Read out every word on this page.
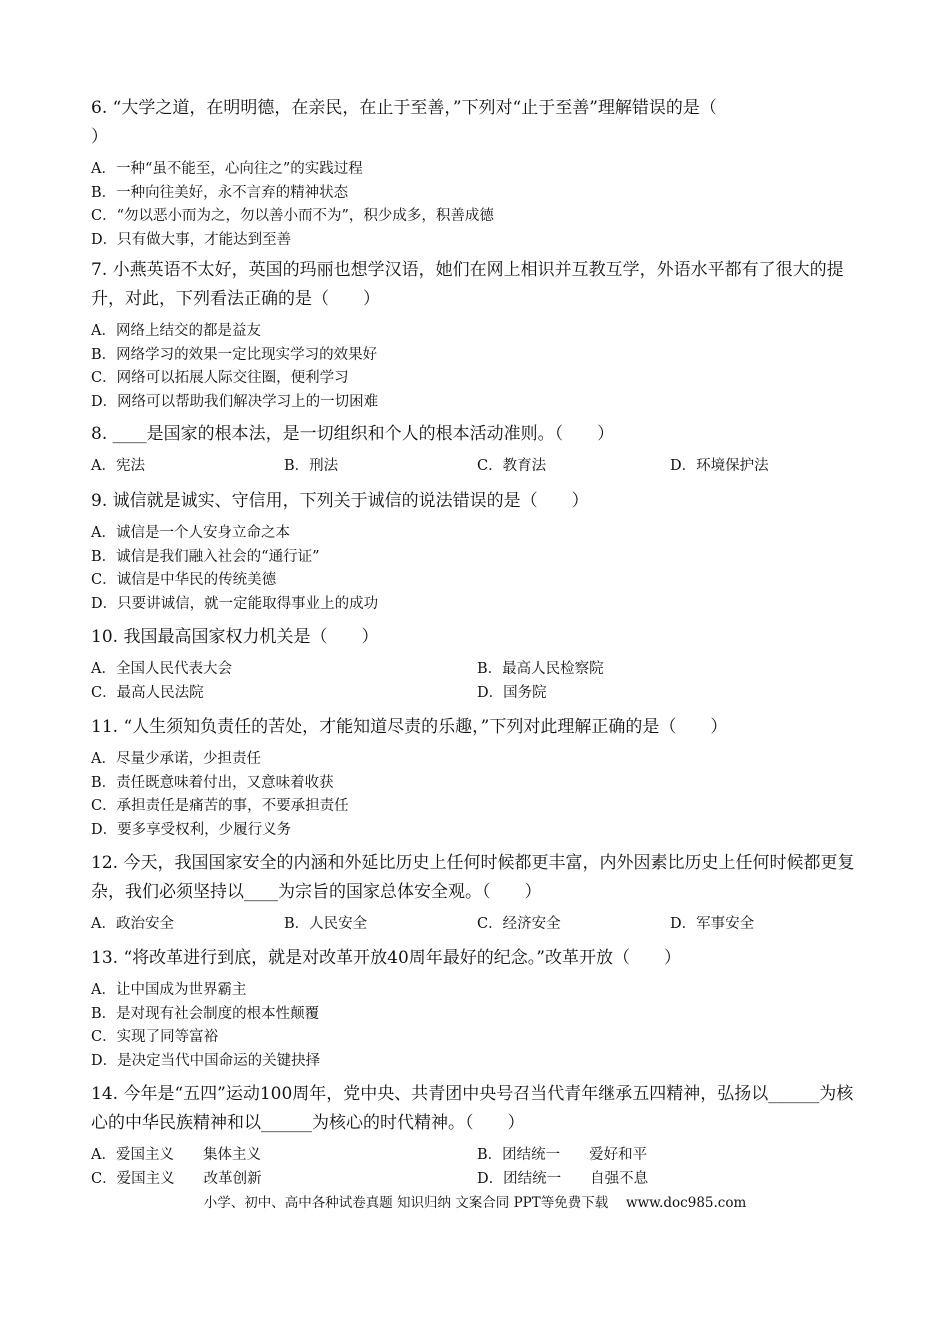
6. “大学之道，在明明德，在亲民，在止于至善，”下列对“止于至善”理解错误的是（
）

A．一种“虽不能至，心向往之”的实践过程
B．一种向往美好，永不言弃的精神状态
C．“勿以恶小而为之，勿以善小而不为”，积少成多，积善成德
D．只有做大事，才能达到至善

7. 小燕英语不太好，英国的玛丽也想学汉语，她们在网上相识并互教互学，外语水平都有了很大的提升，对此，下列看法正确的是（　　）

A．网络上结交的都是益友
B．网络学习的效果一定比现实学习的效果好
C．网络可以拓展人际交往圈，便利学习
D．网络可以帮助我们解决学习上的一切困难

8. ____是国家的根本法，是一切组织和个人的根本活动准则。（　　）

A．宪法	B．刑法	C．教育法	D．环境保护法

9. 诚信就是诚实、守信用，下列关于诚信的说法错误的是（　　）

A．诚信是一个人安身立命之本
B．诚信是我们融入社会的“通行证”
C．诚信是中华民的传统美德
D．只要讲诚信，就一定能取得事业上的成功

10. 我国最高国家权力机关是（　　）

A．全国人民代表大会	B．最高人民检察院
C．最高人民法院	D．国务院

11. “人生须知负责任的苦处，才能知道尽责的乐趣，”下列对此理解正确的是（　　）

A．尽量少承诺，少担责任
B．责任既意味着付出，又意味着收获
C．承担责任是痛苦的事，不要承担责任
D．要多享受权利，少履行义务

12. 今天，我国国家安全的内涵和外延比历史上任何时候都更丰富，内外因素比历史上任何时候都更复杂，我们必须坚持以____为宗旨的国家总体安全观。（　　）

A．政治安全	B．人民安全	C．经济安全	D．军事安全

13. “将改革进行到底，就是对改革开放40周年最好的纪念。”改革开放（　　）

A．让中国成为世界霸主
B．是对现有社会制度的根本性颠覆
C．实现了同等富裕
D．是决定当代中国命运的关键抉择

14. 今年是“五四”运动100周年，党中央、共青团中央号召当代青年继承五四精神，弘扬以______为核心的中华民族精神和以______为核心的时代精神。（　　）

A．爱国主义　　集体主义	B．团结统一　　爱好和平
C．爱国主义　　改革创新	D．团结统一　　自强不息
小学、初中、高中各种试卷真题 知识归纳 文案合同 PPT等免费下载　 www.doc985.com
